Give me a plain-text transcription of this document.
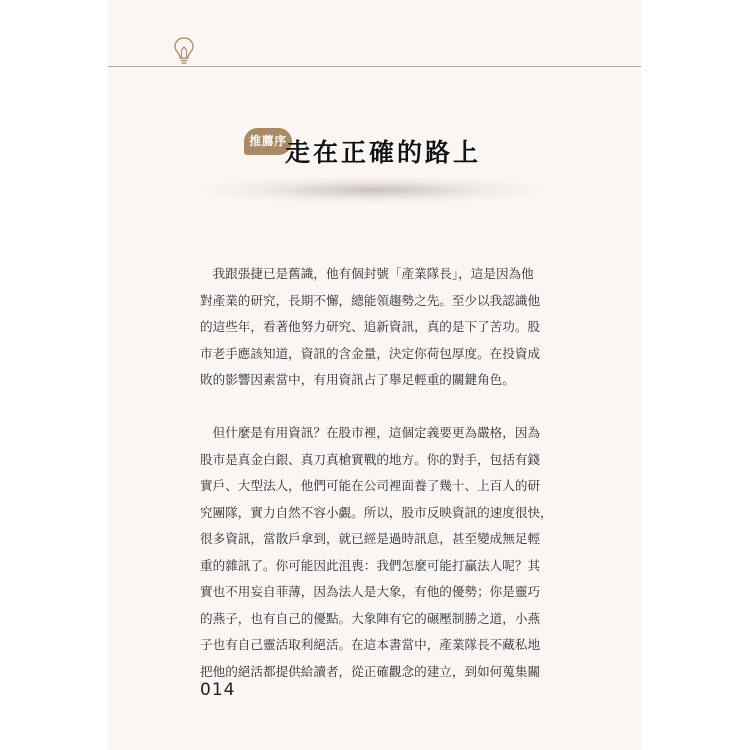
推薦序
走在正確的路上
　我跟張捷已是舊識，他有個封號「產業隊長」，這是因為他
對產業的研究，長期不懈，總能領趨勢之先。至少以我認識他
的這些年，看著他努力研究、追新資訊，真的是下了苦功。股
市老手應該知道，資訊的含金量，決定你荷包厚度。在投資成
敗的影響因素當中，有用資訊占了舉足輕重的關鍵角色。
　但什麼是有用資訊？在股市裡，這個定義要更為嚴格，因為
股市是真金白銀、真刀真槍實戰的地方。你的對手，包括有錢
實戶、大型法人，他們可能在公司裡面養了幾十、上百人的研
究團隊，實力自然不容小覷。所以，股市反映資訊的速度很快，
很多資訊，當散戶拿到，就已經是過時訊息，甚至變成無足輕
重的雜訊了。你可能因此沮喪：我們怎麼可能打贏法人呢？其
實也不用妄自菲薄，因為法人是大象，有他的優勢；你是靈巧
的燕子，也有自己的優點。大象陣有它的碾壓制勝之道，小燕
子也有自己靈活取利絕活。在這本書當中，產業隊長不藏私地
把他的絕活都提供給讀者，從正確觀念的建立，到如何蒐集關
014
